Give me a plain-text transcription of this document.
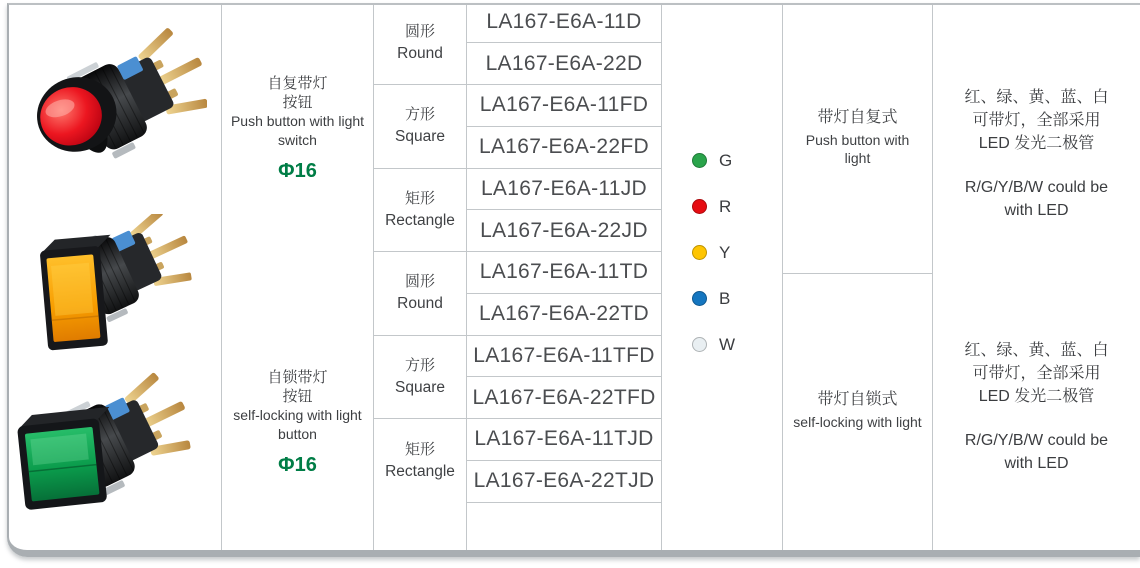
自复带灯
按钮
Push button with light switch
Φ16
自锁带灯
按钮
self-locking with light button
Φ16
圆形
Round
方形
Square
矩形
Rectangle
圆形
Round
方形
Square
矩形
Rectangle
LA167-E6A-11D
LA167-E6A-22D
LA167-E6A-11FD
LA167-E6A-22FD
LA167-E6A-11JD
LA167-E6A-22JD
LA167-E6A-11TD
LA167-E6A-22TD
LA167-E6A-11TFD
LA167-E6A-22TFD
LA167-E6A-11TJD
LA167-E6A-22TJD
G
R
Y
B
W
带灯自复式
Push button with light
带灯自锁式
self-locking with light
红、绿、黄、蓝、白
可带灯，全部采用
LED 发光二极管
R/G/Y/B/W could be
with LED
红、绿、黄、蓝、白
可带灯，全部采用
LED 发光二极管
R/G/Y/B/W could be
with LED
